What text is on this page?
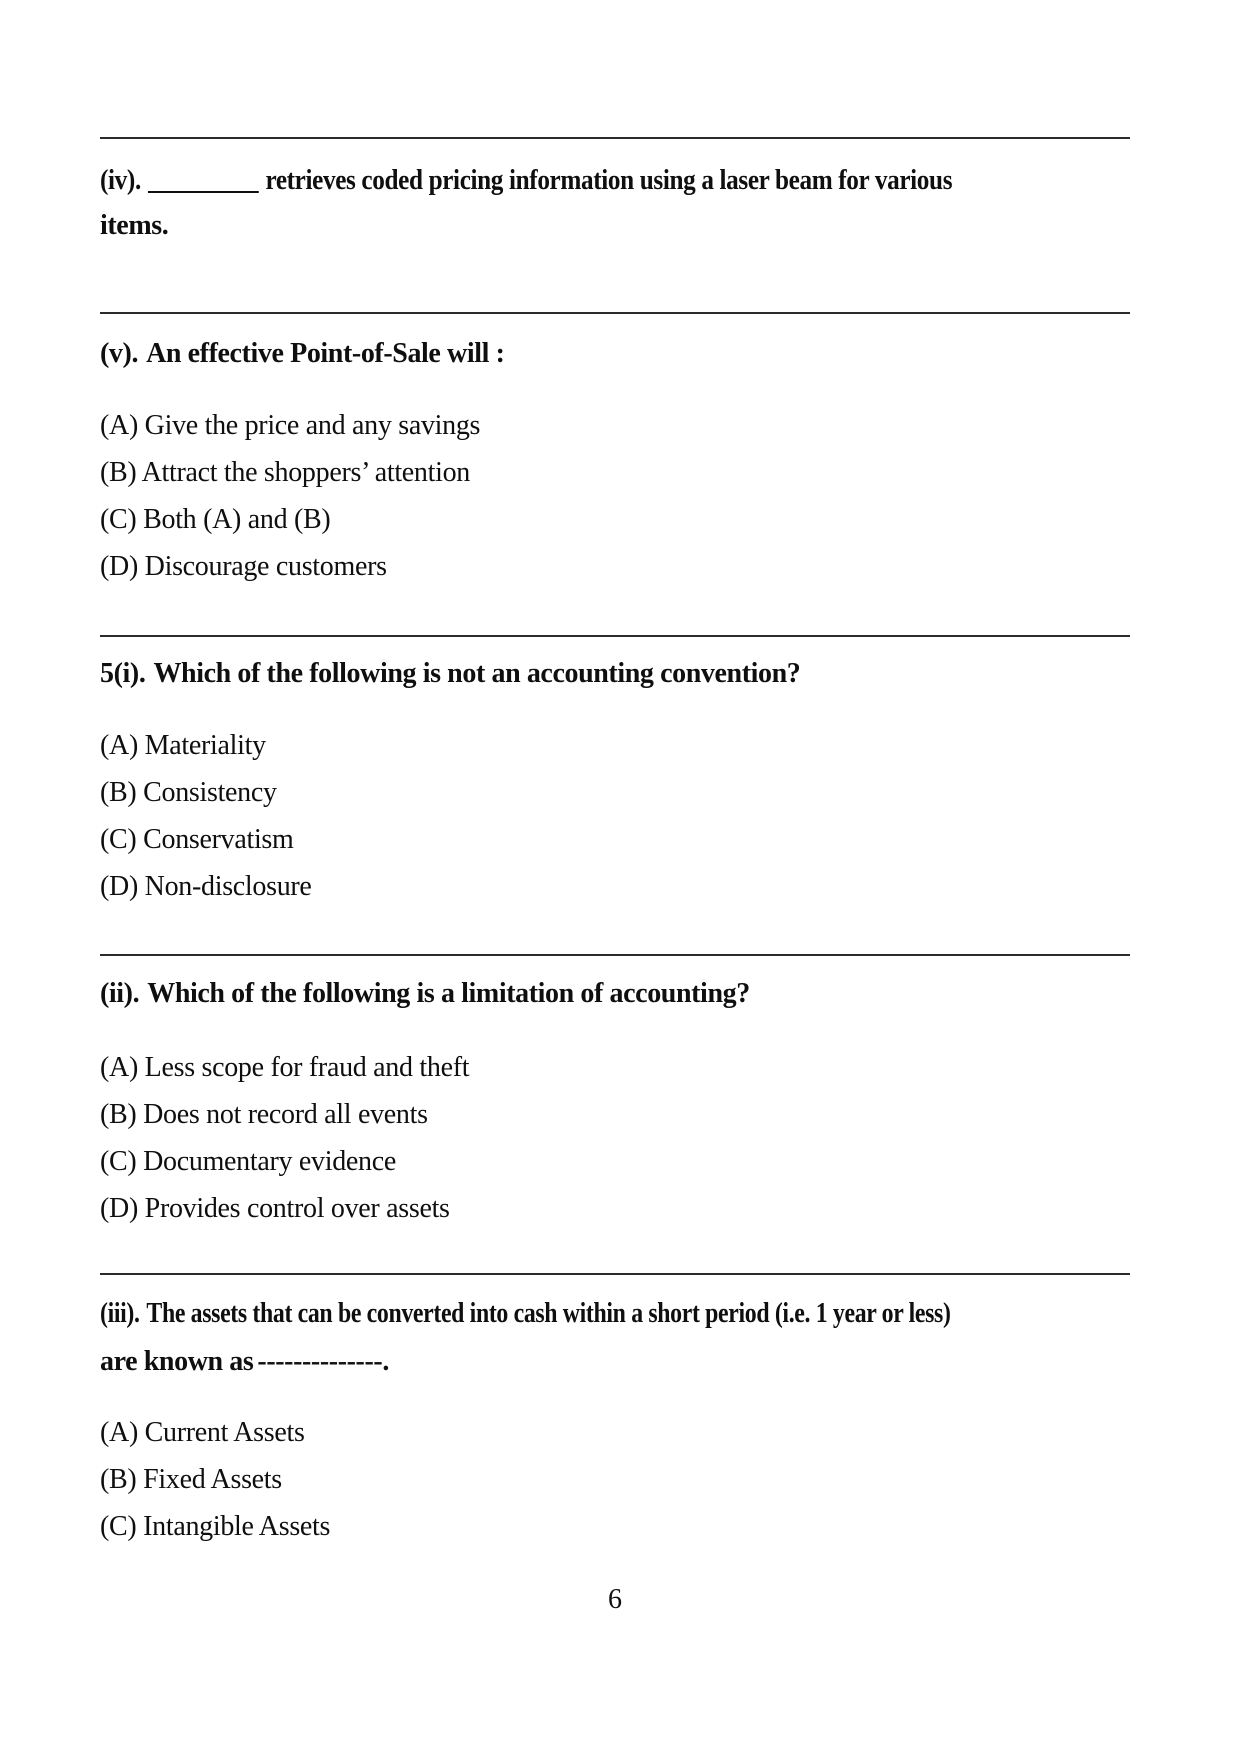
(iv). _________ retrieves coded pricing information using a laser beam for various
items.

(v). An effective Point-of-Sale will :

(A) Give the price and any savings
(B) Attract the shoppers’ attention
(C) Both (A) and (B)
(D) Discourage customers

5(i). Which of the following is not an accounting convention?

(A) Materiality
(B) Consistency
(C) Conservatism
(D) Non-disclosure

(ii). Which of the following is a limitation of accounting?

(A) Less scope for fraud and theft
(B) Does not record all events
(C) Documentary evidence
(D) Provides control over assets

(iii). The assets that can be converted into cash within a short period (i.e. 1 year or less)
are known as --------------.

(A) Current Assets
(B) Fixed Assets
(C) Intangible Assets

6
